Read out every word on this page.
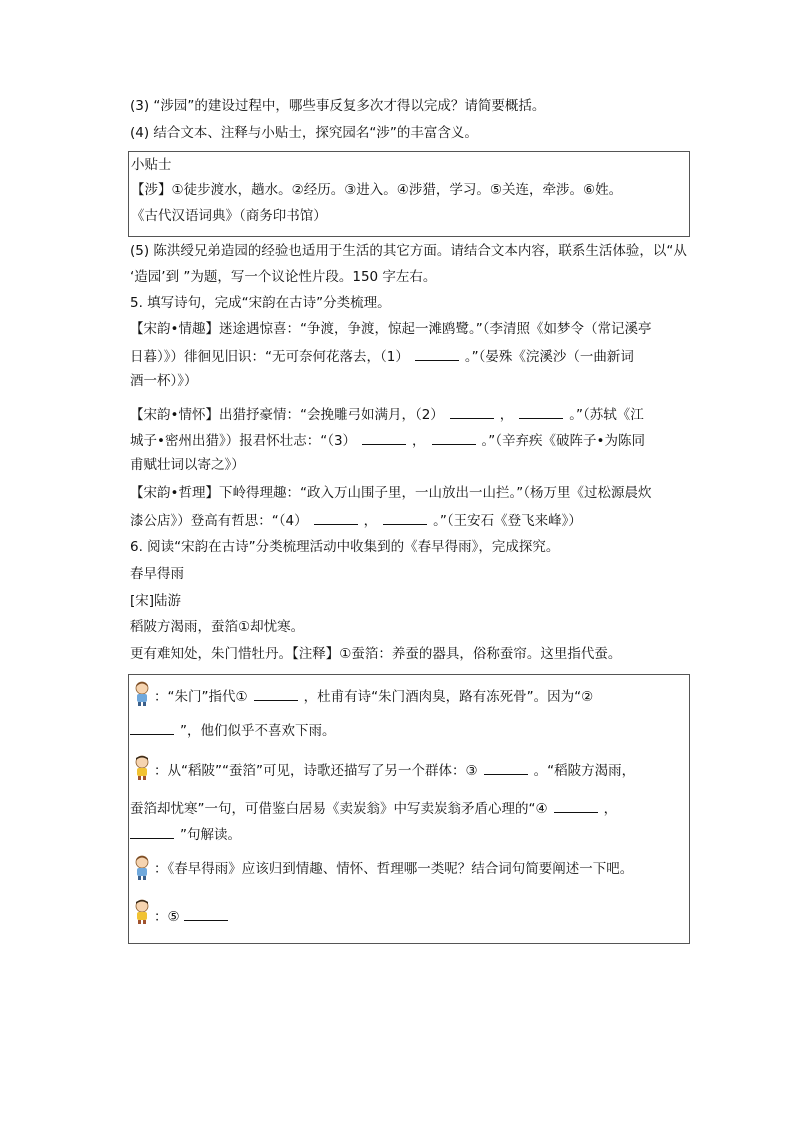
(3) “涉园”的建设过程中，哪些事反复多次才得以完成？请简要概括。
(4) 结合文本、注释与小贴士，探究园名“涉”的丰富含义。
小贴士
【涉】①徒步渡水，趟水。②经历。③进入。④涉猎，学习。⑤关连，牵涉。⑥姓。
《古代汉语词典》（商务印书馆）
(5) 陈洪绶兄弟造园的经验也适用于生活的其它方面。请结合文本内容，联系生活体验，以“从
‘造园’到 ”为题，写一个议论性片段。150 字左右。
5. 填写诗句，完成“宋韵在古诗”分类梳理。
【宋韵•情趣】迷途遇惊喜：“争渡，争渡，惊起一滩鸥鹭。”（李清照《如梦令（常记溪亭
日暮）》）徘徊见旧识：“无可奈何花落去，（1）	。”（晏殊《浣溪沙（一曲新词
酒一杯）》）
【宋韵•情怀】出猎抒豪情：“会挽雕弓如满月，（2）	，	。”（苏轼《江
城子•密州出猎》）报君怀壮志：“（3）	，	。”（辛弃疾《破阵子•为陈同
甫赋壮词以寄之》）
【宋韵•哲理】下岭得理趣：“政入万山围子里，一山放出一山拦。”（杨万里《过松源晨炊
漆公店》）登高有哲思：“（4）	，	。”（王安石《登飞来峰》）
6. 阅读“宋韵在古诗”分类梳理活动中收集到的《春早得雨》，完成探究。
春早得雨
[宋]陆游
稻陂方渴雨，蚕箔①却忧寒。
更有难知处，朱门惜牡丹。【注释】①蚕箔：养蚕的器具，俗称蚕帘。这里指代蚕。
：“朱门”指代①	，杜甫有诗“朱门酒肉臭，路有冻死骨”。因为“②
”，他们似乎不喜欢下雨。
：从“稻陂”“蚕箔”可见，诗歌还描写了另一个群体：③	。“稻陂方渴雨，
蚕箔却忧寒”一句，可借鉴白居易《卖炭翁》中写卖炭翁矛盾心理的“④	，
”句解读。
：《春早得雨》应该归到情趣、情怀、哲理哪一类呢？结合词句简要阐述一下吧。
：⑤
